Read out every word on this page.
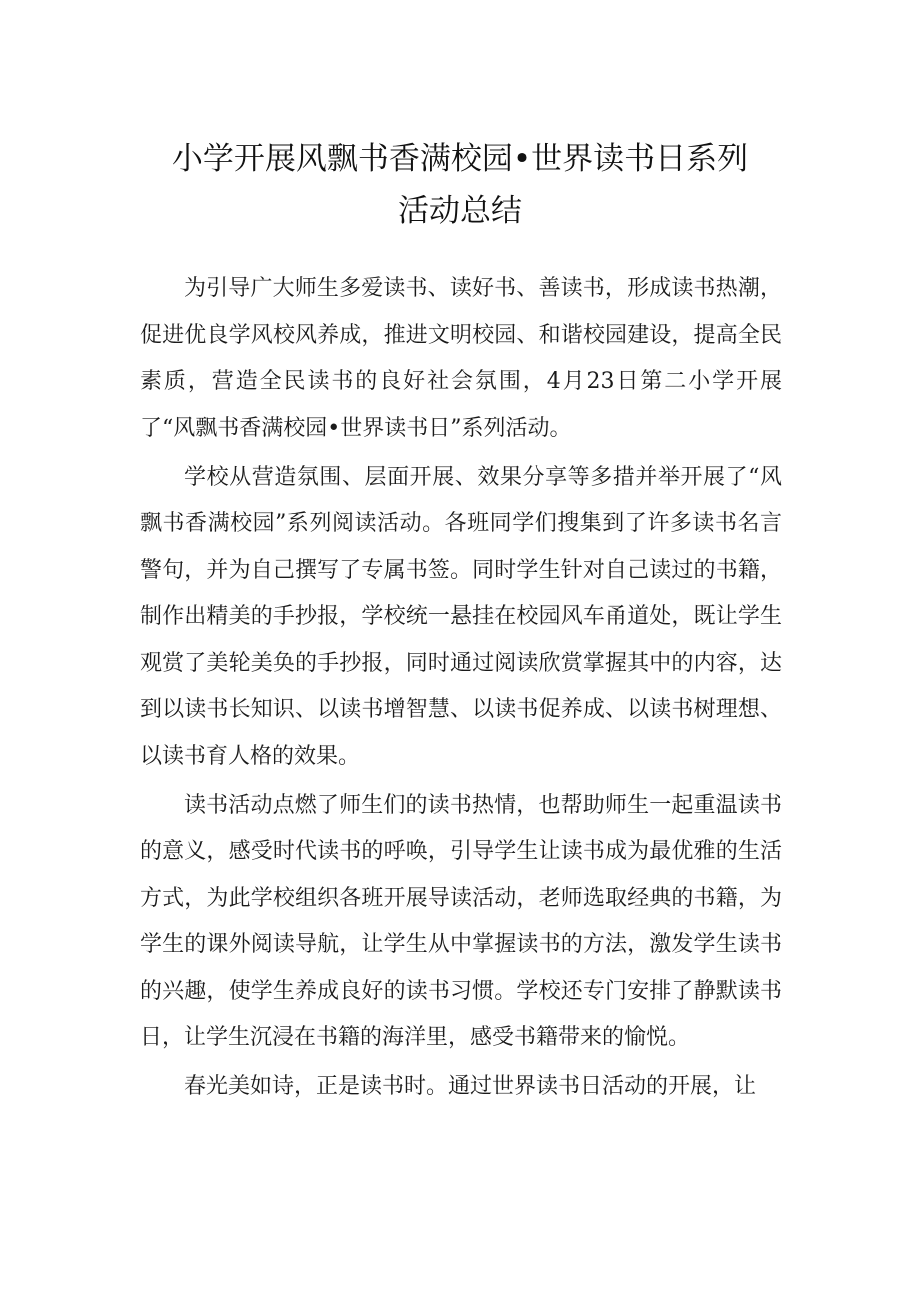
小学开展风飘书香满校园•世界读书日系列
活动总结

为引导广大师生多爱读书、读好书、善读书，形成读书热潮，促进优良学风校风养成，推进文明校园、和谐校园建设，提高全民素质，营造全民读书的良好社会氛围，4月23日第二小学开展了“风飘书香满校园•世界读书日”系列活动。

学校从营造氛围、层面开展、效果分享等多措并举开展了“风飘书香满校园”系列阅读活动。各班同学们搜集到了许多读书名言警句，并为自己撰写了专属书签。同时学生针对自己读过的书籍，制作出精美的手抄报，学校统一悬挂在校园风车甬道处，既让学生观赏了美轮美奂的手抄报，同时通过阅读欣赏掌握其中的内容，达到以读书长知识、以读书增智慧、以读书促养成、以读书树理想、以读书育人格的效果。

读书活动点燃了师生们的读书热情，也帮助师生一起重温读书的意义，感受时代读书的呼唤，引导学生让读书成为最优雅的生活方式，为此学校组织各班开展导读活动，老师选取经典的书籍，为学生的课外阅读导航，让学生从中掌握读书的方法，激发学生读书的兴趣，使学生养成良好的读书习惯。学校还专门安排了静默读书日，让学生沉浸在书籍的海洋里，感受书籍带来的愉悦。

春光美如诗，正是读书时。通过世界读书日活动的开展，让
